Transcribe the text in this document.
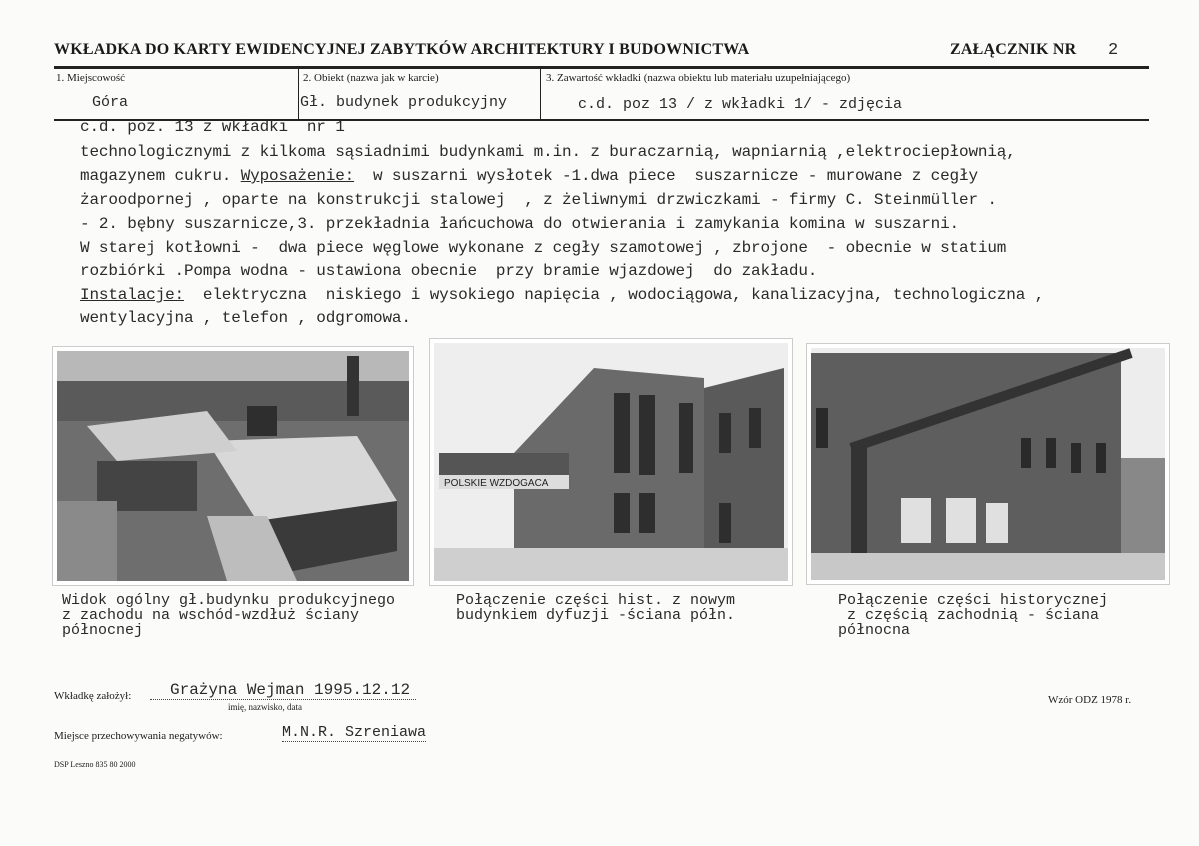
WKŁADKA DO KARTY EWIDENCYJNEJ ZABYTKÓW ARCHITEKTURY I BUDOWNICTWA	ZAŁĄCZNIK NR 2
1. Miejscowość
Góra
2. Obiekt (nazwa jak w karcie)
Gł. budynek produkcyjny
3. Zawartość wkładki (nazwa obiektu lub materiału uzupełniającego)
c.d. poz 13 / z wkładki 1/ - zdjęcia
c.d. poz. 13 z wkładki  nr 1
technologicznymi z kilkoma sąsiadnimi budynkami m.in. z buraczarnią, wapniarnią ,elektrociepłownią,
magazynem cukru. Wyposażenie:  w suszarni wysłotek -1.dwa piece  suszarnicze - murowane z cegły
żaroodpornej , oparte na konstrukcji stalowej  , z żeliwnymi drzwiczkami - firmy C. Steinmüller .
- 2. bębny suszarnicze,3. przekładnia łańcuchowa do otwierania i zamykania komina w suszarni.
W starej kotłowni -  dwa piece węglowe wykonane z cegły szamotowej , zbrojone  - obecnie w statium
rozbiórki .Pompa wodna - ustawiona obecnie  przy bramie wjazdowej  do zakładu.
Instalacje:  elektryczna  niskiego i wysokiego napięcia , wodociągowa, kanalizacyjna, technologiczna ,
wentylacyjna , telefon , odgromowa.
POLSKIE WZDOGACA
Widok ogólny gł.budynku produkcyjnego
z zachodu na wschód-wzdłuż ściany
północnej
Połączenie części hist. z nowym
budynkiem dyfuzji -ściana półn.
Połączenie części historycznej
z częścią zachodnią - ściana
północna
Wkładkę założył:	Grażyna Wejman 1995.12.12
imię, nazwisko, data
Wzór ODZ 1978 r.
Miejsce przechowywania negatywów:	M.N.R. Szreniawa
DSP Leszno 835 80 2000
